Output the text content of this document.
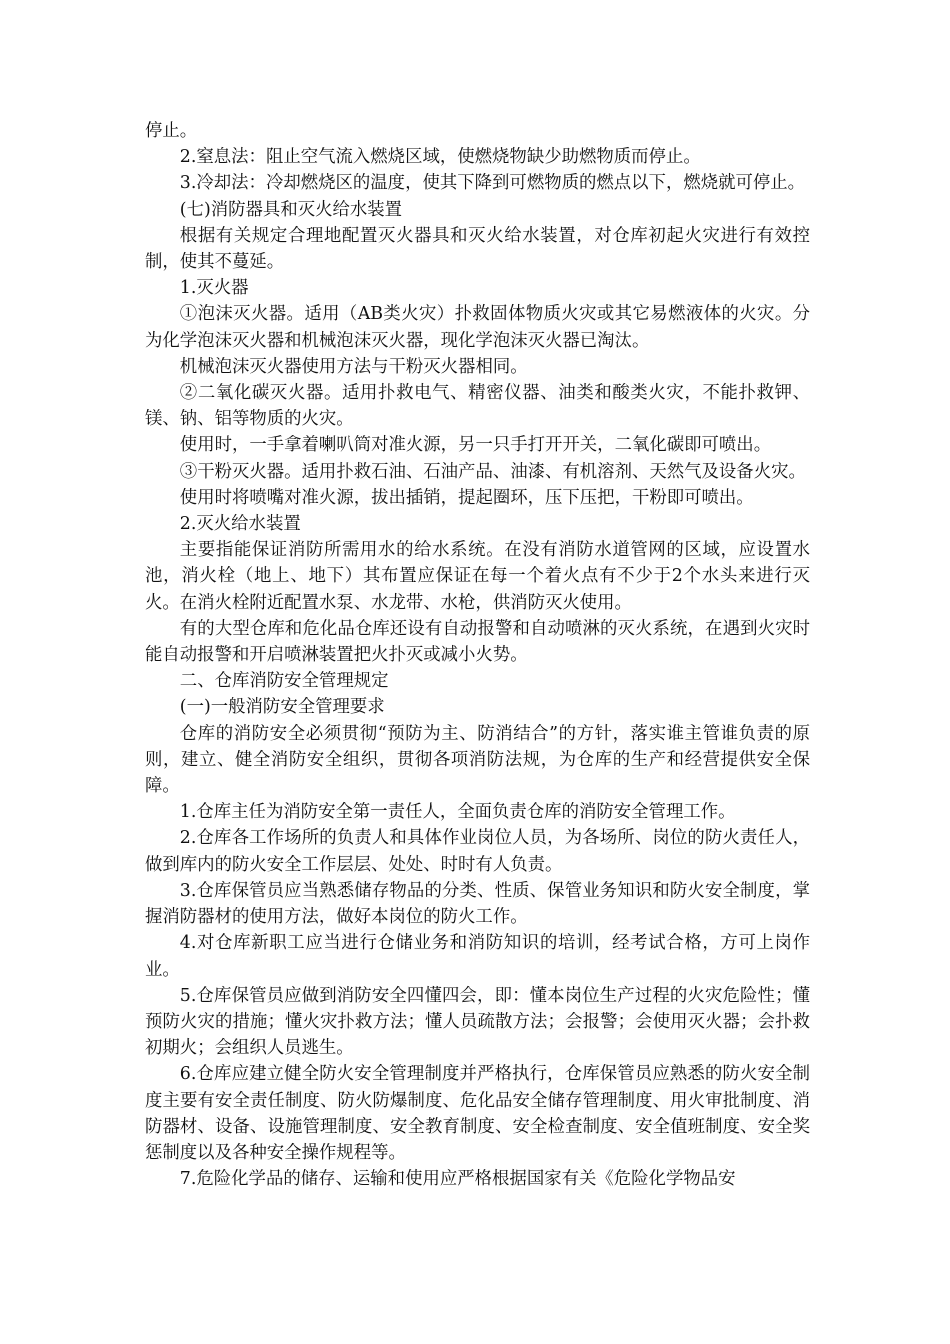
停止。

2.窒息法：阻止空气流入燃烧区域，使燃烧物缺少助燃物质而停止。

3.冷却法：冷却燃烧区的温度，使其下降到可燃物质的燃点以下，燃烧就可停止。

(七)消防器具和灭火给水装置

根据有关规定合理地配置灭火器具和灭火给水装置，对仓库初起火灾进行有效控制，使其不蔓延。

1.灭火器

①泡沫灭火器。适用（AB类火灾）扑救固体物质火灾或其它易燃液体的火灾。分为化学泡沫灭火器和机械泡沫灭火器，现化学泡沫灭火器已淘汰。

机械泡沫灭火器使用方法与干粉灭火器相同。

②二氧化碳灭火器。适用扑救电气、精密仪器、油类和酸类火灾，不能扑救钾、镁、钠、铝等物质的火灾。

使用时，一手拿着喇叭筒对准火源，另一只手打开开关，二氧化碳即可喷出。

③干粉灭火器。适用扑救石油、石油产品、油漆、有机溶剂、天然气及设备火灾。

使用时将喷嘴对准火源，拔出插销，提起圈环，压下压把，干粉即可喷出。

2.灭火给水装置

主要指能保证消防所需用水的给水系统。在没有消防水道管网的区域，应设置水池，消火栓（地上、地下）其布置应保证在每一个着火点有不少于2个水头来进行灭火。在消火栓附近配置水泵、水龙带、水枪，供消防灭火使用。

有的大型仓库和危化品仓库还设有自动报警和自动喷淋的灭火系统，在遇到火灾时能自动报警和开启喷淋装置把火扑灭或减小火势。

二、仓库消防安全管理规定

(一)一般消防安全管理要求

仓库的消防安全必须贯彻“预防为主、防消结合”的方针，落实谁主管谁负责的原则，建立、健全消防安全组织，贯彻各项消防法规，为仓库的生产和经营提供安全保障。

1.仓库主任为消防安全第一责任人，全面负责仓库的消防安全管理工作。

2.仓库各工作场所的负责人和具体作业岗位人员，为各场所、岗位的防火责任人，做到库内的防火安全工作层层、处处、时时有人负责。

3.仓库保管员应当熟悉储存物品的分类、性质、保管业务知识和防火安全制度，掌握消防器材的使用方法，做好本岗位的防火工作。

4.对仓库新职工应当进行仓储业务和消防知识的培训，经考试合格，方可上岗作业。

5.仓库保管员应做到消防安全四懂四会，即：懂本岗位生产过程的火灾危险性；懂预防火灾的措施；懂火灾扑救方法；懂人员疏散方法；会报警；会使用灭火器；会扑救初期火；会组织人员逃生。

6.仓库应建立健全防火安全管理制度并严格执行，仓库保管员应熟悉的防火安全制度主要有安全责任制度、防火防爆制度、危化品安全储存管理制度、用火审批制度、消防器材、设备、设施管理制度、安全教育制度、安全检查制度、安全值班制度、安全奖惩制度以及各种安全操作规程等。

7.危险化学品的储存、运输和使用应严格根据国家有关《危险化学物品安
